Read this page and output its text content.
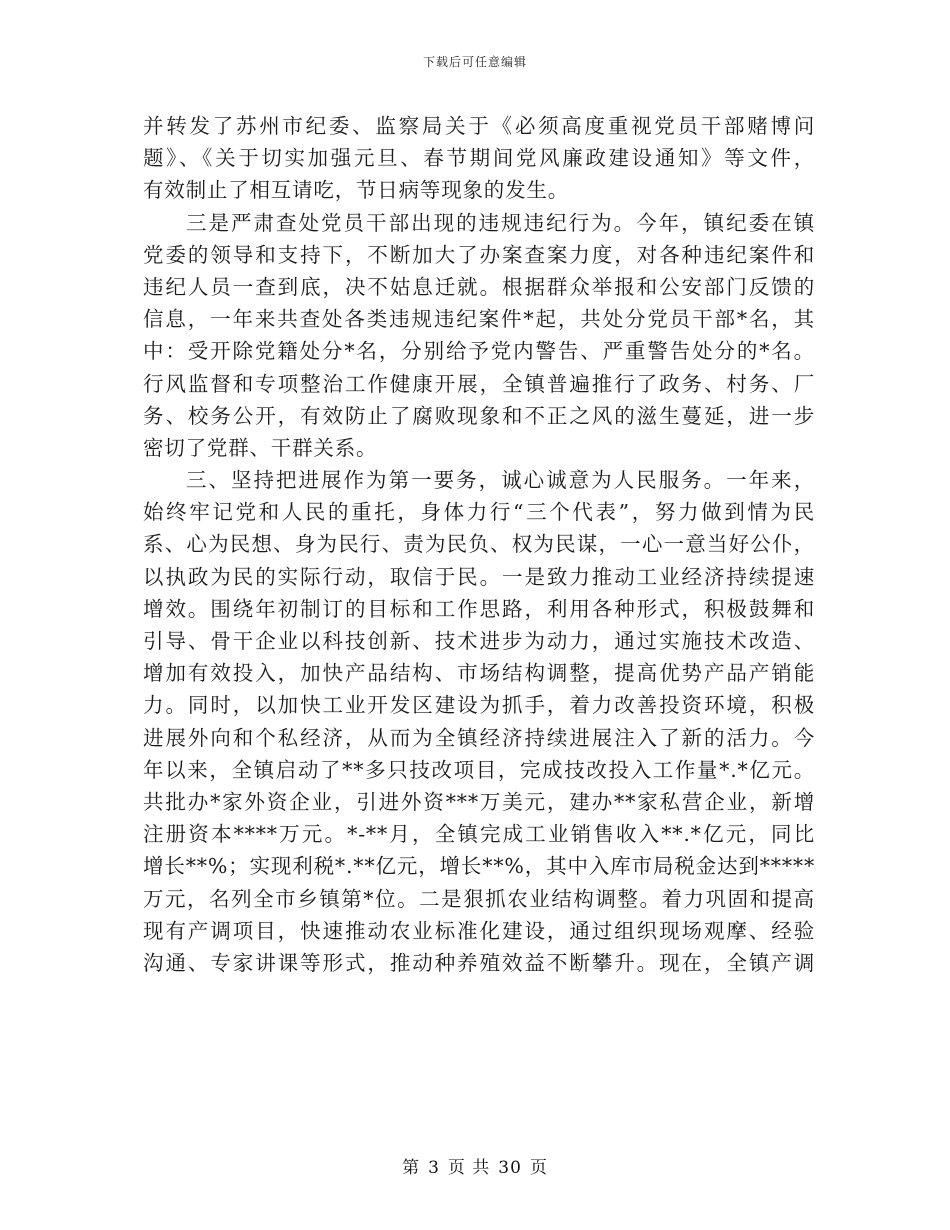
下载后可任意编辑
并转发了苏州市纪委、监察局关于《必须高度重视党员干部赌博问
题》、《关于切实加强元旦、春节期间党风廉政建设通知》等文件，
有效制止了相互请吃，节日病等现象的发生。
三是严肃查处党员干部出现的违规违纪行为。今年，镇纪委在镇
党委的领导和支持下，不断加大了办案查案力度，对各种违纪案件和
违纪人员一查到底，决不姑息迁就。根据群众举报和公安部门反馈的
信息，一年来共查处各类违规违纪案件*起，共处分党员干部*名，其
中：受开除党籍处分*名，分别给予党内警告、严重警告处分的*名。
行风监督和专项整治工作健康开展，全镇普遍推行了政务、村务、厂
务、校务公开，有效防止了腐败现象和不正之风的滋生蔓延，进一步
密切了党群、干群关系。
三、坚持把进展作为第一要务，诚心诚意为人民服务。一年来，
始终牢记党和人民的重托，身体力行“三个代表”，努力做到情为民
系、心为民想、身为民行、责为民负、权为民谋，一心一意当好公仆，
以执政为民的实际行动，取信于民。一是致力推动工业经济持续提速
增效。围绕年初制订的目标和工作思路，利用各种形式，积极鼓舞和
引导、骨干企业以科技创新、技术进步为动力，通过实施技术改造、
增加有效投入，加快产品结构、市场结构调整，提高优势产品产销能
力。同时，以加快工业开发区建设为抓手，着力改善投资环境，积极
进展外向和个私经济，从而为全镇经济持续进展注入了新的活力。今
年以来，全镇启动了**多只技改项目，完成技改投入工作量*.*亿元。
共批办*家外资企业，引进外资***万美元，建办**家私营企业，新增
注册资本****万元。*-**月，全镇完成工业销售收入**.*亿元，同比
增长**%；实现利税*.**亿元，增长**%，其中入库市局税金达到*****
万元，名列全市乡镇第*位。二是狠抓农业结构调整。着力巩固和提高
现有产调项目，快速推动农业标准化建设，通过组织现场观摩、经验
沟通、专家讲课等形式，推动种养殖效益不断攀升。现在，全镇产调
第 3 页 共 30 页
